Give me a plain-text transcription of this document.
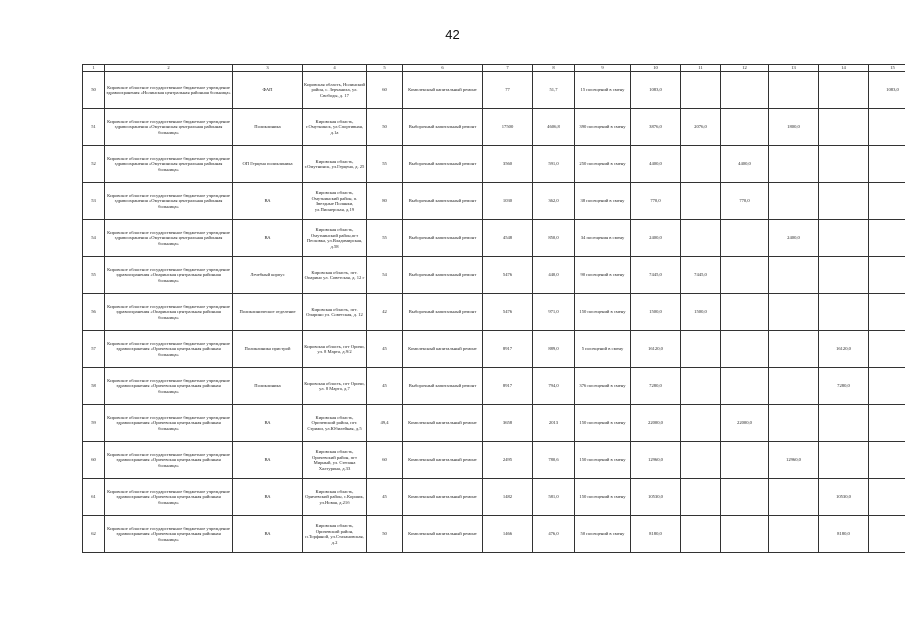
42
1	2	3	4	5	6	7	8	9	10	11	12	13	14	15
50	Кировское областное государственное бюджетное учреждение здравоохранения «Нолинская центральная районная больница»	ФАП	Кировская область, Нолинский район, с. Зерчаниха, ул. Свободы, д. 17	60	Комплексный капитальный ремонт	77	51,7	15 посещений в смену	1083,0					1083,0
51	Кировское областное государственное бюджетное учреждение здравоохранения «Омутнинская центральная районная больница»	Поликлиника	Кировская область, г.Омутнинск, ул.Спортивная, д.1а	50	Выборочный капитальный ремонт	17500	4606,8	390 посещений в смену	3876,0	2076,0		1800,0		
52	Кировское областное государственное бюджетное учреждение здравоохранения «Омутнинская центральная районная больница»	ОП Герцена поликлиника	Кировская область, г.Омутнинск, ул.Герцена, д. 25	55	Выборочный капитальный ремонт	3560	591,0	250 посещений в смену	4400,0		4400,0			
53	Кировское областное государственное бюджетное учреждение здравоохранения «Омутнинская центральная районная больница»	ВА	Кировская область, Омутнинский район, п. Звездные Полянки, ул.Пионерская, д.19	80	Выборочный капитальный ремонт	1030	362,0	38 посещений в смену	770,0		770,0			
54	Кировское областное государственное бюджетное учреждение здравоохранения «Омутнинская центральная районная больница»	ВА	Кировская область, Омутнинский район,пгт Песковка, ул.Владимирская, д.58	55	Выборочный капитальный ремонт	4548	850,0	34 посещения в смену	2400,0			2400,0		
55	Кировское областное государственное бюджетное учреждение здравоохранения «Опаринская центральная районная больница»	Лечебный корпус	Кировская область, пгт. Опарино ул. Советская, д. 12 г	54	Выборочный капитальный ремонт	5476	440,0	90 посещений в смену	7445,0	7445,0				
56	Кировское областное государственное бюджетное учреждение здравоохранения «Опаринская центральная районная больница»	Поликлиническое отделение	Кировская область, пгт. Опарино ул. Советская, д. 12	42	Выборочный капитальный ремонт	5476	971,0	150 посещений в смену	1500,0	1500,0				
57	Кировское областное государственное бюджетное учреждение здравоохранения «Оричевская центральная районная больница»	Поликлиника пристрой	Кировская область, пгт Оричи, ул. 8 Марта, д.9/2	45	Комплексный капитальный ремонт	8917	889,0	5 посещений в смену	16120,0				16120,0	
58	Кировское областное государственное бюджетное учреждение здравоохранения «Оричевская центральная районная больница»	Поликлиника	Кировская область, пгт Оричи, ул. 8 Марта, д.7	45	Выборочный капитальный ремонт	8917	794,0	376 посещений в смену	7280,0				7280,0	
59	Кировское областное государственное бюджетное учреждение здравоохранения «Оричевская центральная районная больница»	ВА	Кировская область, Оричевский район, пгт. Стрижи, ул.Юбилейная, д.5	49,4	Комплексный капитальный ремонт	3658	2013	150 посещений в смену	22000,0		22000,0			
60	Кировское областное государственное бюджетное учреждение здравоохранения «Оричевская центральная районная больница»	ВА	Кировская область, Оричевский район, пгт Мирный, ул. Степана Халтурина, д.33	60	Комплексный капитальный ремонт	2495	780,6	150 посещений в смену	12960,0			12960,0		
61	Кировское областное государственное бюджетное учреждение здравоохранения «Оричевская центральная районная больница»	ВА	Кировская область, Оричевский район, с.Коршик, ул.Новая, д.21б	45	Комплексный капитальный ремонт	1482	581,0	150 посещений в смену	10530,0				10530,0	
62	Кировское областное государственное бюджетное учреждение здравоохранения «Оричевская центральная районная больница»	ВА	Кировская область, Оричевский район, п.Торфяной, ул.Стахановская, д.2	50	Комплексный капитальный ремонт	1466	476,0	50 посещений в смену	8180,0				8180,0	
